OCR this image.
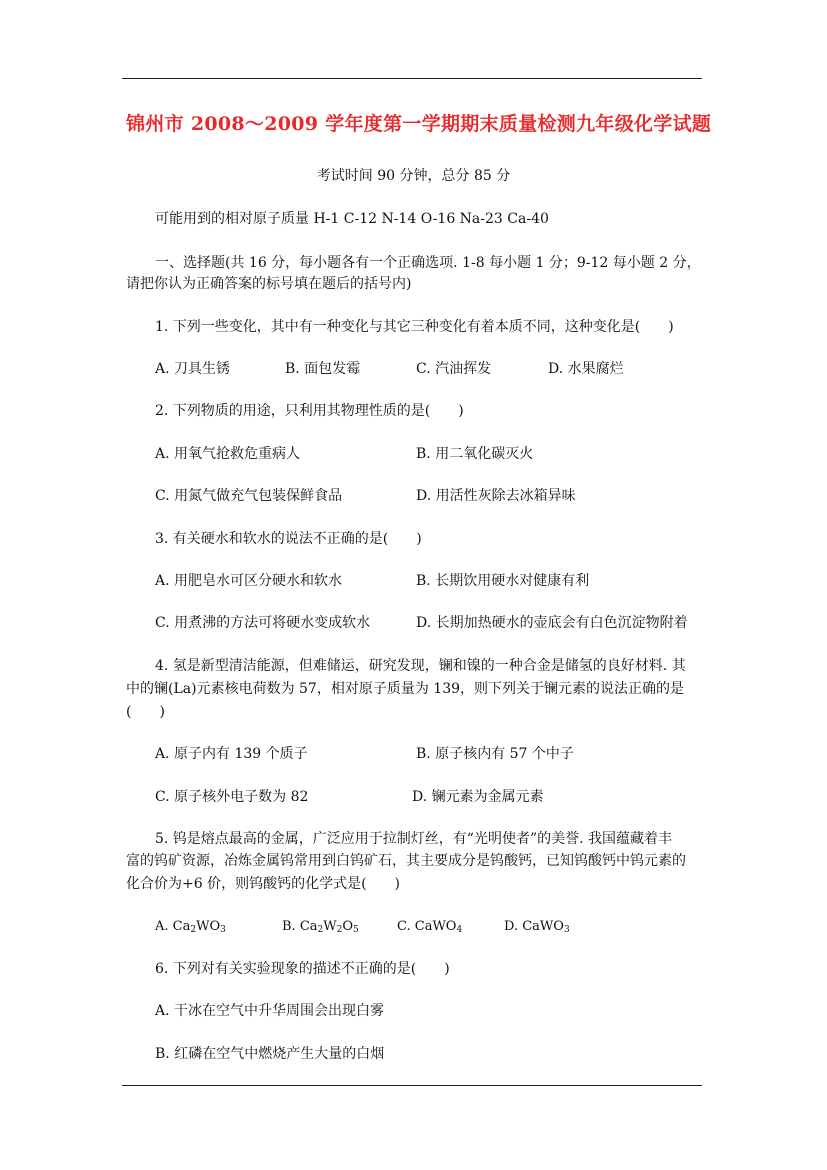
锦州市 2008～2009 学年度第一学期期末质量检测九年级化学试题
考试时间 90 分钟，总分 85 分
可能用到的相对原子质量 H-1 C-12 N-14 O-16 Na-23 Ca-40
一、选择题(共 16 分，每小题各有一个正确选项. 1-8 每小题 1 分；9-12 每小题 2 分，
请把你认为正确答案的标号填在题后的括号内)
1. 下列一些变化，其中有一种变化与其它三种变化有着本质不同，这种变化是(　　)
A. 刀具生锈	B. 面包发霉	C. 汽油挥发	D. 水果腐烂
2. 下列物质的用途，只利用其物理性质的是(　　)
A. 用氧气抢救危重病人	B. 用二氧化碳灭火
C. 用氮气做充气包装保鲜食品	D. 用活性灰除去冰箱异味
3. 有关硬水和软水的说法不正确的是(　　)
A. 用肥皂水可区分硬水和软水	B. 长期饮用硬水对健康有利
C. 用煮沸的方法可将硬水变成软水	D. 长期加热硬水的壶底会有白色沉淀物附着
4. 氢是新型清洁能源，但难储运，研究发现，镧和镍的一种合金是储氢的良好材料. 其
中的镧(La)元素核电荷数为 57，相对原子质量为 139，则下列关于镧元素的说法正确的是
(　　)
A. 原子内有 139 个质子	B. 原子核内有 57 个中子
C. 原子核外电子数为 82	D. 镧元素为金属元素
5. 钨是熔点最高的金属，广泛应用于拉制灯丝，有“光明使者”的美誉. 我国蕴藏着丰
富的钨矿资源，冶炼金属钨常用到白钨矿石，其主要成分是钨酸钙，已知钨酸钙中钨元素的
化合价为+6 价，则钨酸钙的化学式是(　　)
A. $Ca_2WO_3$	B. $Ca_2W_2O_5$	C. CaWO$_4$	D. CaWO$_3$
6. 下列对有关实验现象的描述不正确的是(　　)
A. 干冰在空气中升华周围会出现白雾
B. 红磷在空气中燃烧产生大量的白烟
